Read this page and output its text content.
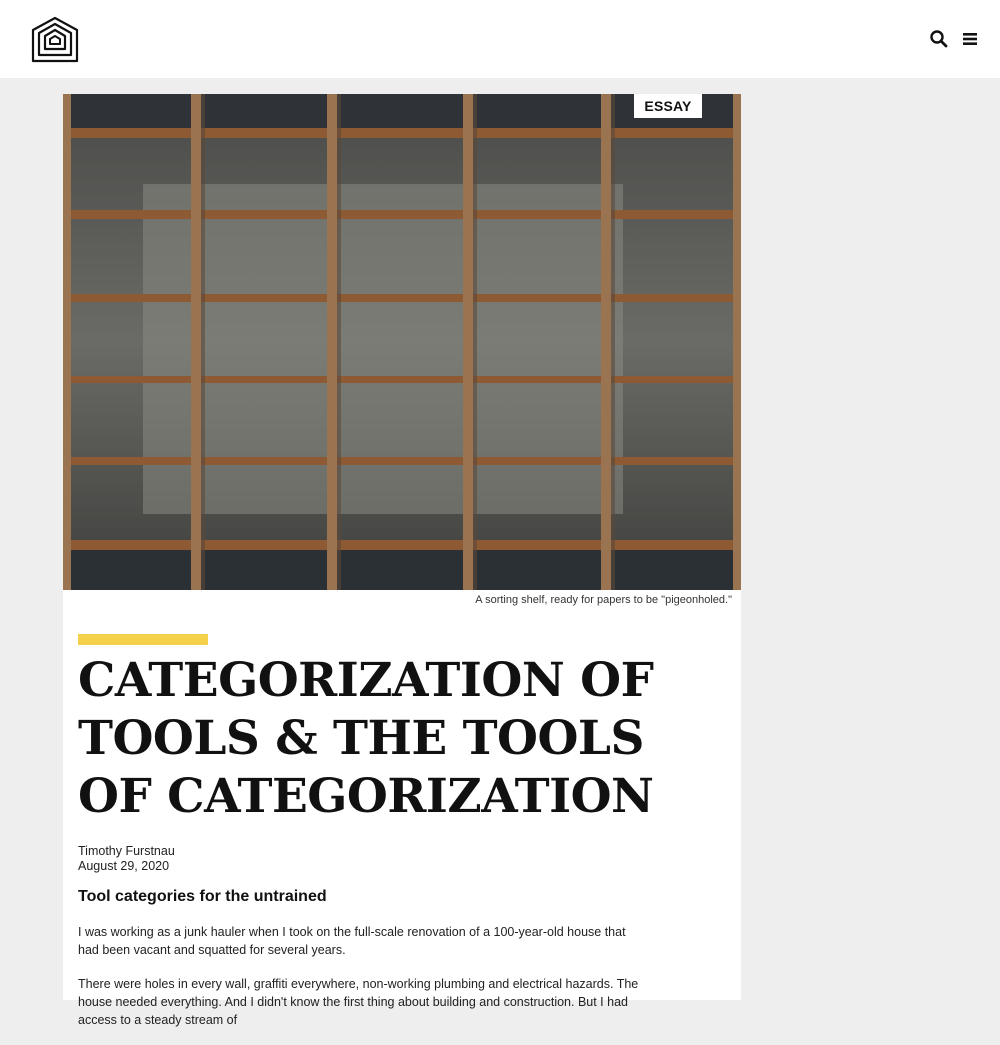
ESSAY
A sorting shelf, ready for papers to be "pigeonholed."
CATEGORIZATION OF TOOLS & THE TOOLS OF CATEGORIZATION
Timothy Furstnau
August 29, 2020
Tool categories for the untrained

I was working as a junk hauler when I took on the full-scale renovation of a 100-year-old house that had been vacant and squatted for several years.

There were holes in every wall, graffiti everywhere, non-working plumbing and electrical hazards. The house needed everything. And I didn't know the first thing about building and construction. But I had access to a steady stream of
